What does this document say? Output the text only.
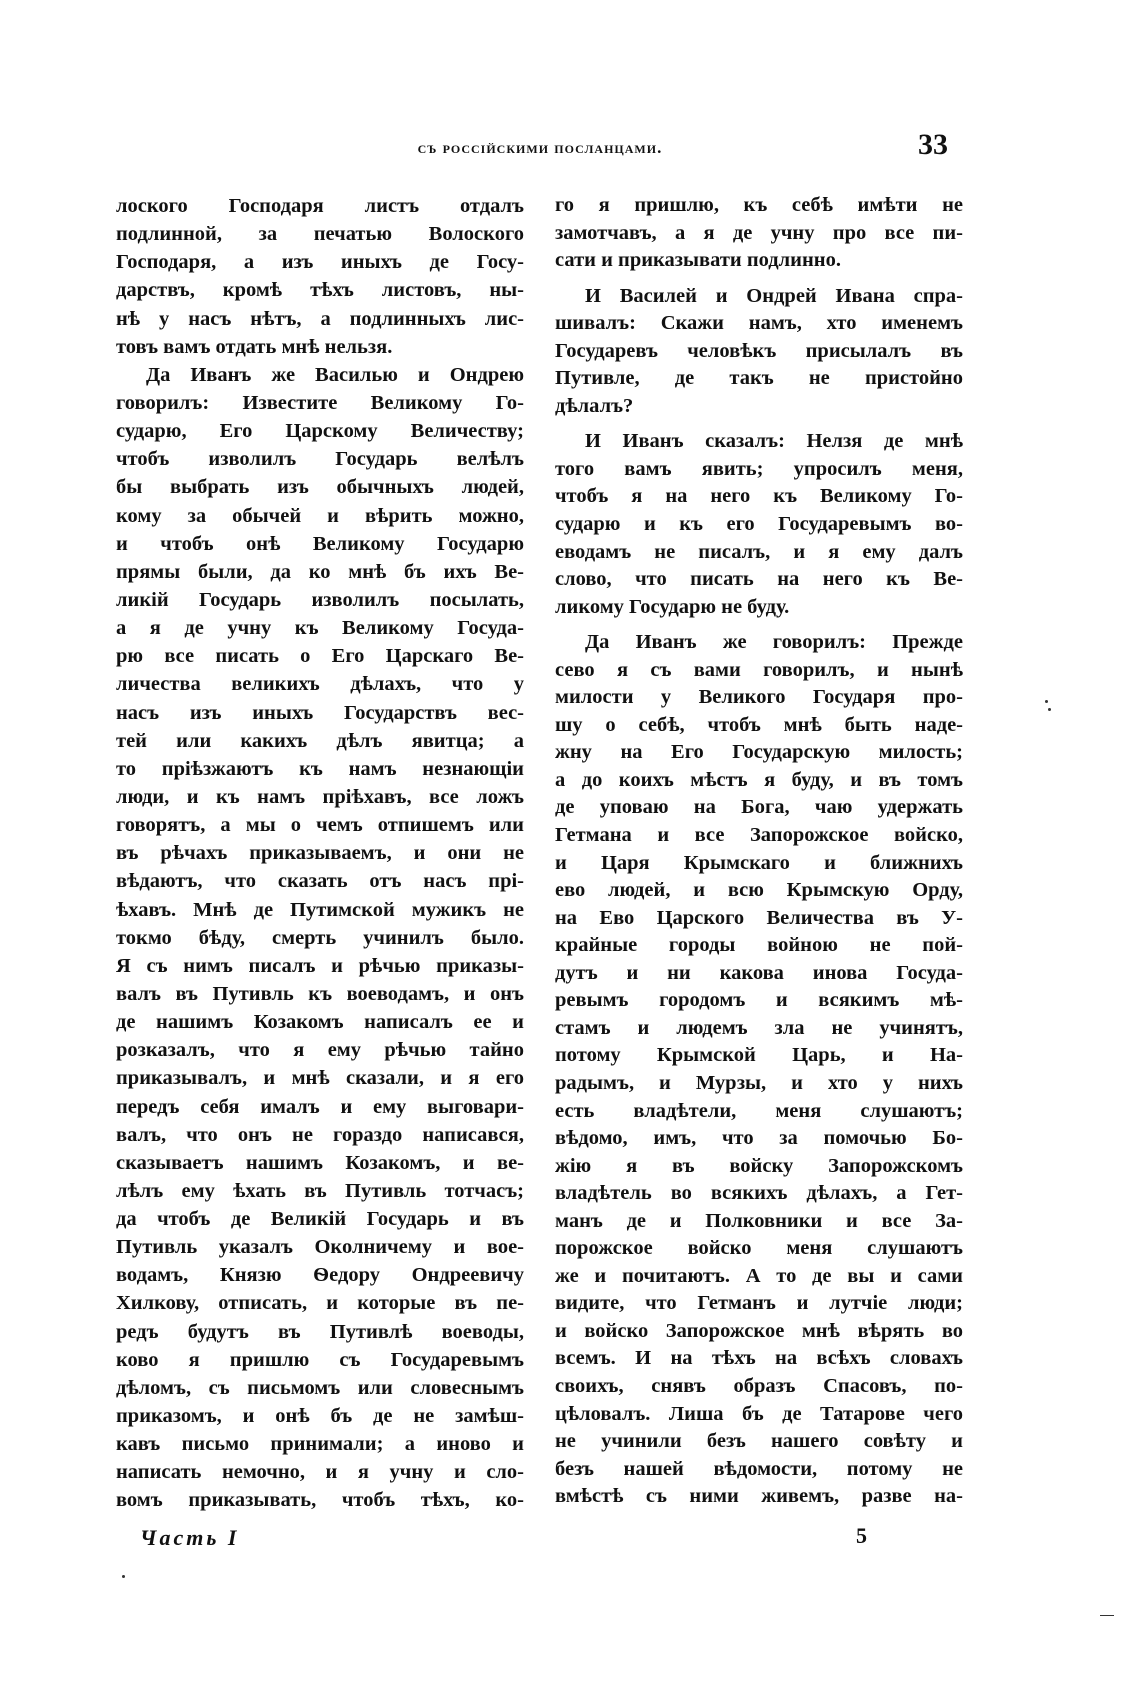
съ россійскими посланцами.	33
лоского Господаря листъ отдалъ
подлинной, за печатью Волоского
Господаря, а изъ иныхъ де Госу-
дарствъ, кромѣ тѣхъ листовъ, ны-
нѣ у насъ нѣтъ, а подлинныхъ лис-
товъ вамъ отдать мнѣ нельзя.
Да Иванъ же Василью и Ондрею
говорилъ: Известите Великому Го-
сударю, Его Царскому Величеству;
чтобъ изволилъ Государь велѣлъ
бы выбрать изъ обычныхъ людей,
кому за обычей и вѣрить можно,
и чтобъ онѣ Великому Государю
прямы были, да ко мнѣ бъ ихъ Ве-
ликій Государь изволилъ посылать,
а я де учну къ Великому Госуда-
рю все писать о Его Царскаго Ве-
личества великихъ дѣлахъ, что у
насъ изъ иныхъ Государствъ вес-
тей или какихъ дѣлъ явитца; а
то пріѣзжаютъ къ намъ незнающіи
люди, и къ намъ пріѣхавъ, все ложъ
говорятъ, а мы о чемъ отпишемъ или
въ рѣчахъ приказываемъ, и они не
вѣдаютъ, что сказать отъ насъ прі-
ѣхавъ. Мнѣ де Путимской мужикъ не
токмо бѣду, смерть учинилъ было.
Я съ нимъ писалъ и рѣчью приказы-
валъ въ Путивль къ воеводамъ, и онъ
де нашимъ Козакомъ написалъ ее и
розказалъ, что я ему рѣчью тайно
приказывалъ, и мнѣ сказали, и я его
передъ себя ималъ и ему выговари-
валъ, что онъ не гораздо написався,
сказываетъ нашимъ Козакомъ, и ве-
лѣлъ ему ѣхать въ Путивль тотчасъ;
да чтобъ де Великій Государь и въ
Путивль указалъ Околничему и вое-
водамъ, Князю Ѳедору Ондреевичу
Хилкову, отписать, и которые въ пе-
редъ будутъ въ Путивлѣ воеводы,
ково я пришлю съ Государевымъ
дѣломъ, съ письмомъ или словеснымъ
приказомъ, и онѣ бъ де не замѣш-
кавъ письмо принимали; а иново и
написать немочно, и я учну и сло-
вомъ приказывать, чтобъ тѣхъ, ко-
го я пришлю, къ себѣ имѣти не
замотчавъ, а я де учну про все пи-
сати и приказывати подлинно.
И Василей и Ондрей Ивана спра-
шивалъ: Скажи намъ, хто именемъ
Государевъ человѣкъ присылалъ въ
Путивле, де такъ не пристойно
дѣлалъ?
И Иванъ сказалъ: Нелзя де мнѣ
того вамъ явить; упросилъ меня,
чтобъ я на него къ Великому Го-
сударю и къ его Государевымъ во-
еводамъ не писалъ, и я ему далъ
слово, что писать на него къ Ве-
ликому Государю не буду.
Да Иванъ же говорилъ: Прежде
сево я съ вами говорилъ, и нынѣ
милости у Великого Государя про-
шу о себѣ, чтобъ мнѣ быть наде-
жну на Его Государскую милость;
а до коихъ мѣстъ я буду, и въ томъ
де уповаю на Бога, чаю удержать
Гетмана и все Запорожское войско,
и Царя Крымскаго и ближнихъ
ево людей, и всю Крымскую Орду,
на Ево Царского Величества въ У-
крайные городы войною не пой-
дутъ и ни какова инова Госуда-
ревымъ городомъ и всякимъ мѣ-
стамъ и людемъ зла не учинятъ,
потому Крымской Царь, и На-
радымъ, и Мурзы, и хто у нихъ
есть владѣтели, меня слушаютъ;
вѣдомо, имъ, что за помочью Бо-
жію я въ войску Запорожскомъ
владѣтель во всякихъ дѣлахъ, а Гет-
манъ де и Полковники и все За-
порожское войско меня слушаютъ
же и почитаютъ. А то де вы и сами
видите, что Гетманъ и лутчіе люди;
и войско Запорожское мнѣ вѣрять во
всемъ. И на тѣхъ на всѣхъ словахъ
своихъ, снявъ образъ Спасовъ, по-
цѣловалъ. Лиша бъ де Татарове чего
не учинили безъ нашего совѣту и
безъ нашей вѣдомости, потому не
вмѣстѣ съ ними живемъ, разве на-
Часть I	5
